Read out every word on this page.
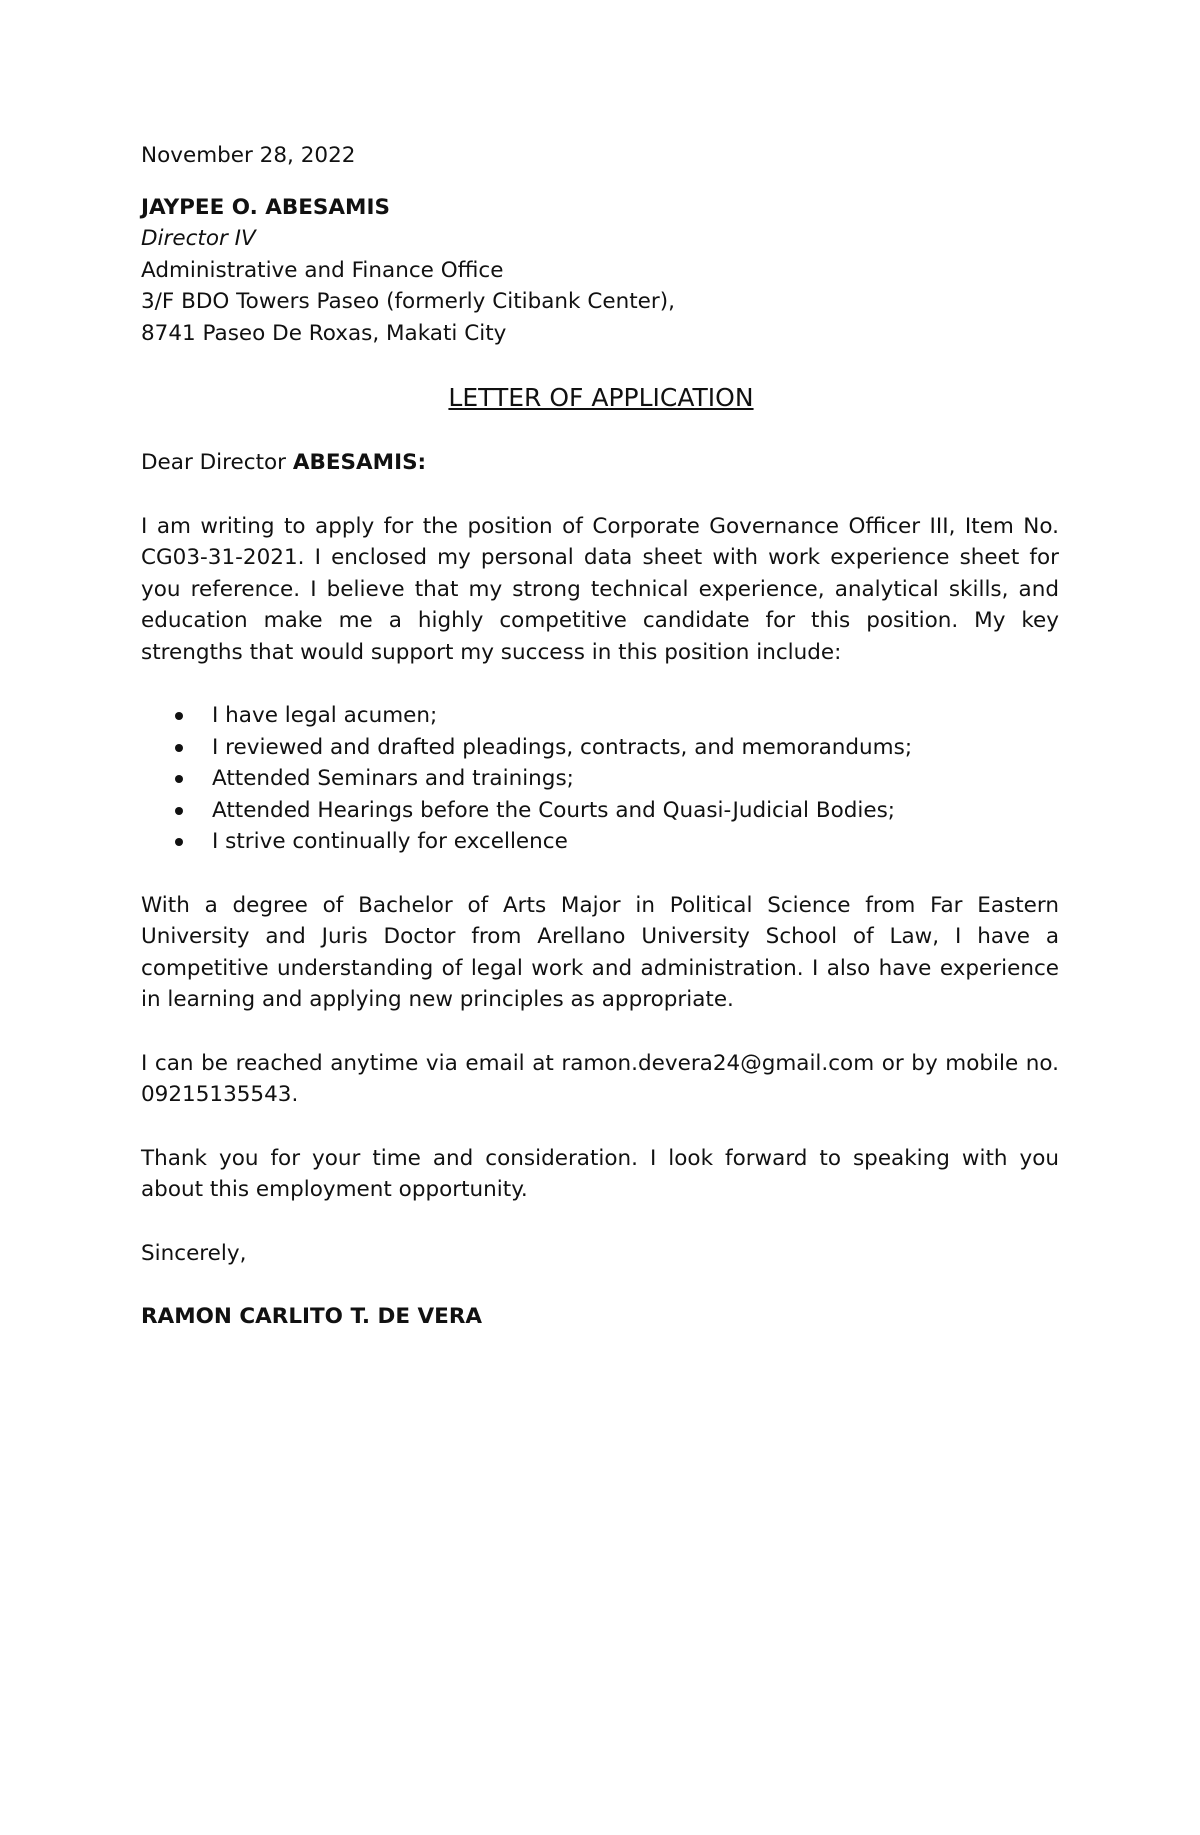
November 28, 2022

JAYPEE O. ABESAMIS

Director IV

Administrative and Finance Office

3/F BDO Towers Paseo (formerly Citibank Center),

8741 Paseo De Roxas, Makati City

LETTER OF APPLICATION

Dear Director ABESAMIS:

I am writing to apply for the position of Corporate Governance Officer III, Item No. CG03-31-2021. I enclosed my personal data sheet with work experience sheet for you reference. I believe that my strong technical experience, analytical skills, and education make me a highly competitive candidate for this position. My key strengths that would support my success in this position include:

I have legal acumen;
I reviewed and drafted pleadings, contracts, and memorandums;
Attended Seminars and trainings;
Attended Hearings before the Courts and Quasi-Judicial Bodies;
I strive continually for excellence

With a degree of Bachelor of Arts Major in Political Science from Far Eastern University and Juris Doctor from Arellano University School of Law, I have a competitive understanding of legal work and administration. I also have experience in learning and applying new principles as appropriate.

I can be reached anytime via email at ramon.devera24@gmail.com or by mobile no. 09215135543.

Thank you for your time and consideration. I look forward to speaking with you about this employment opportunity.

Sincerely,

RAMON CARLITO T. DE VERA
